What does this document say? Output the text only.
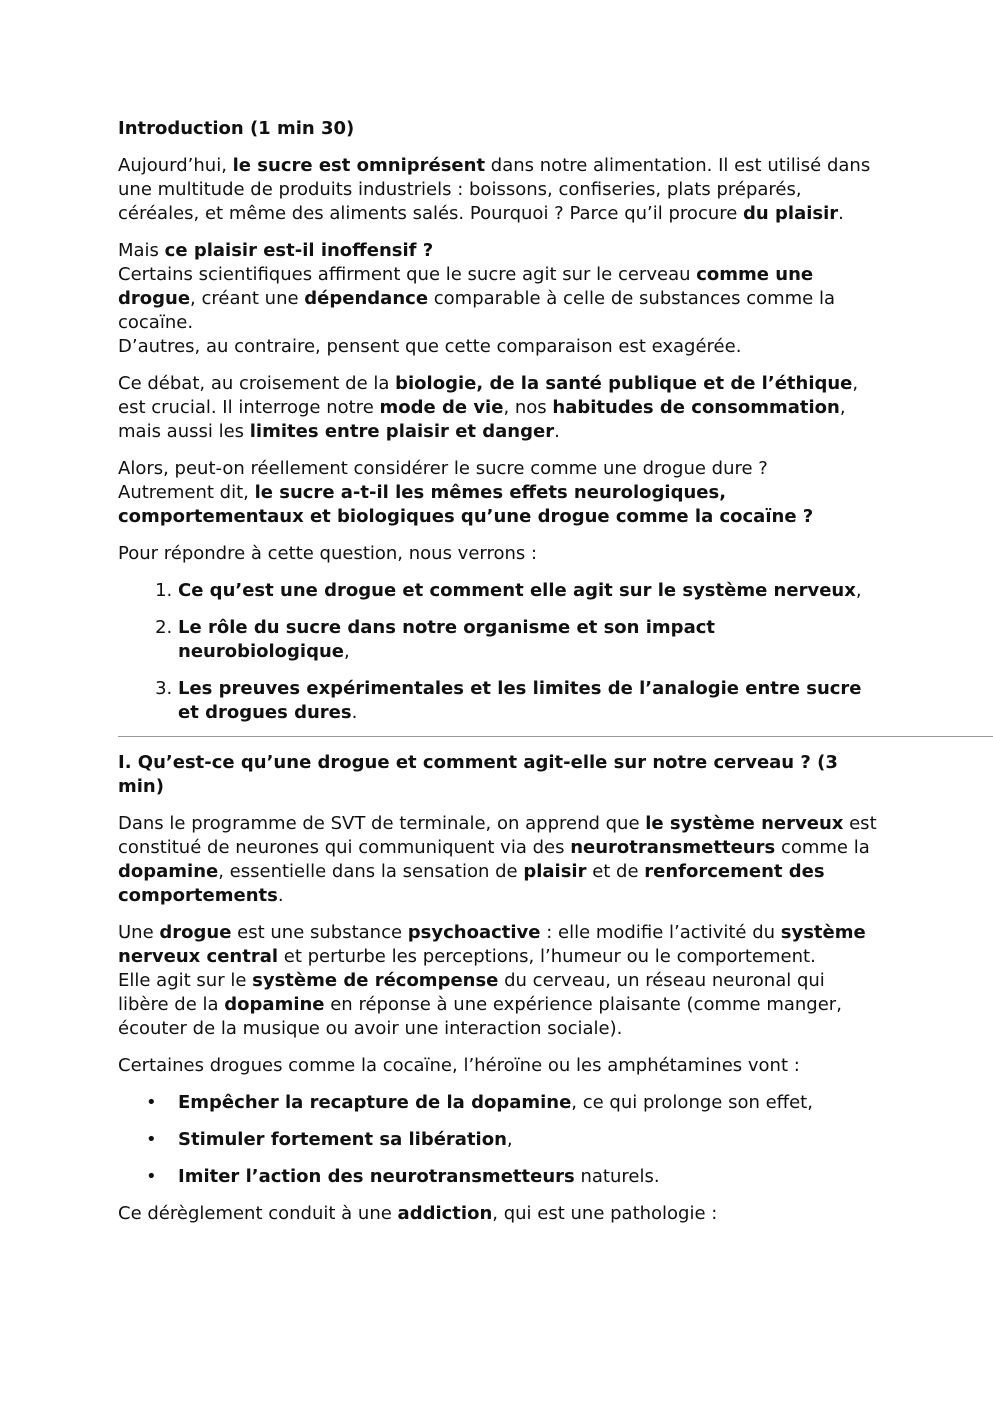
Introduction (1 min 30)

Aujourd’hui, le sucre est omniprésent dans notre alimentation. Il est utilisé dans une multitude de produits industriels : boissons, confiseries, plats préparés, céréales, et même des aliments salés. Pourquoi ? Parce qu’il procure du plaisir.

Mais ce plaisir est-il inoffensif ?
Certains scientifiques affirment que le sucre agit sur le cerveau comme une drogue, créant une dépendance comparable à celle de substances comme la cocaïne.
D’autres, au contraire, pensent que cette comparaison est exagérée.

Ce débat, au croisement de la biologie, de la santé publique et de l’éthique, est crucial. Il interroge notre mode de vie, nos habitudes de consommation, mais aussi les limites entre plaisir et danger.

Alors, peut-on réellement considérer le sucre comme une drogue dure ?
Autrement dit, le sucre a-t-il les mêmes effets neurologiques, comportementaux et biologiques qu’une drogue comme la cocaïne ?

Pour répondre à cette question, nous verrons :

1. Ce qu’est une drogue et comment elle agit sur le système nerveux,
2. Le rôle du sucre dans notre organisme et son impact neurobiologique,
3. Les preuves expérimentales et les limites de l’analogie entre sucre et drogues dures.

I. Qu’est-ce qu’une drogue et comment agit-elle sur notre cerveau ? (3 min)

Dans le programme de SVT de terminale, on apprend que le système nerveux est constitué de neurones qui communiquent via des neurotransmetteurs comme la dopamine, essentielle dans la sensation de plaisir et de renforcement des comportements.

Une drogue est une substance psychoactive : elle modifie l’activité du système nerveux central et perturbe les perceptions, l’humeur ou le comportement.
Elle agit sur le système de récompense du cerveau, un réseau neuronal qui libère de la dopamine en réponse à une expérience plaisante (comme manger, écouter de la musique ou avoir une interaction sociale).

Certaines drogues comme la cocaïne, l’héroïne ou les amphétamines vont :

• Empêcher la recapture de la dopamine, ce qui prolonge son effet,
• Stimuler fortement sa libération,
• Imiter l’action des neurotransmetteurs naturels.

Ce dérèglement conduit à une addiction, qui est une pathologie :
